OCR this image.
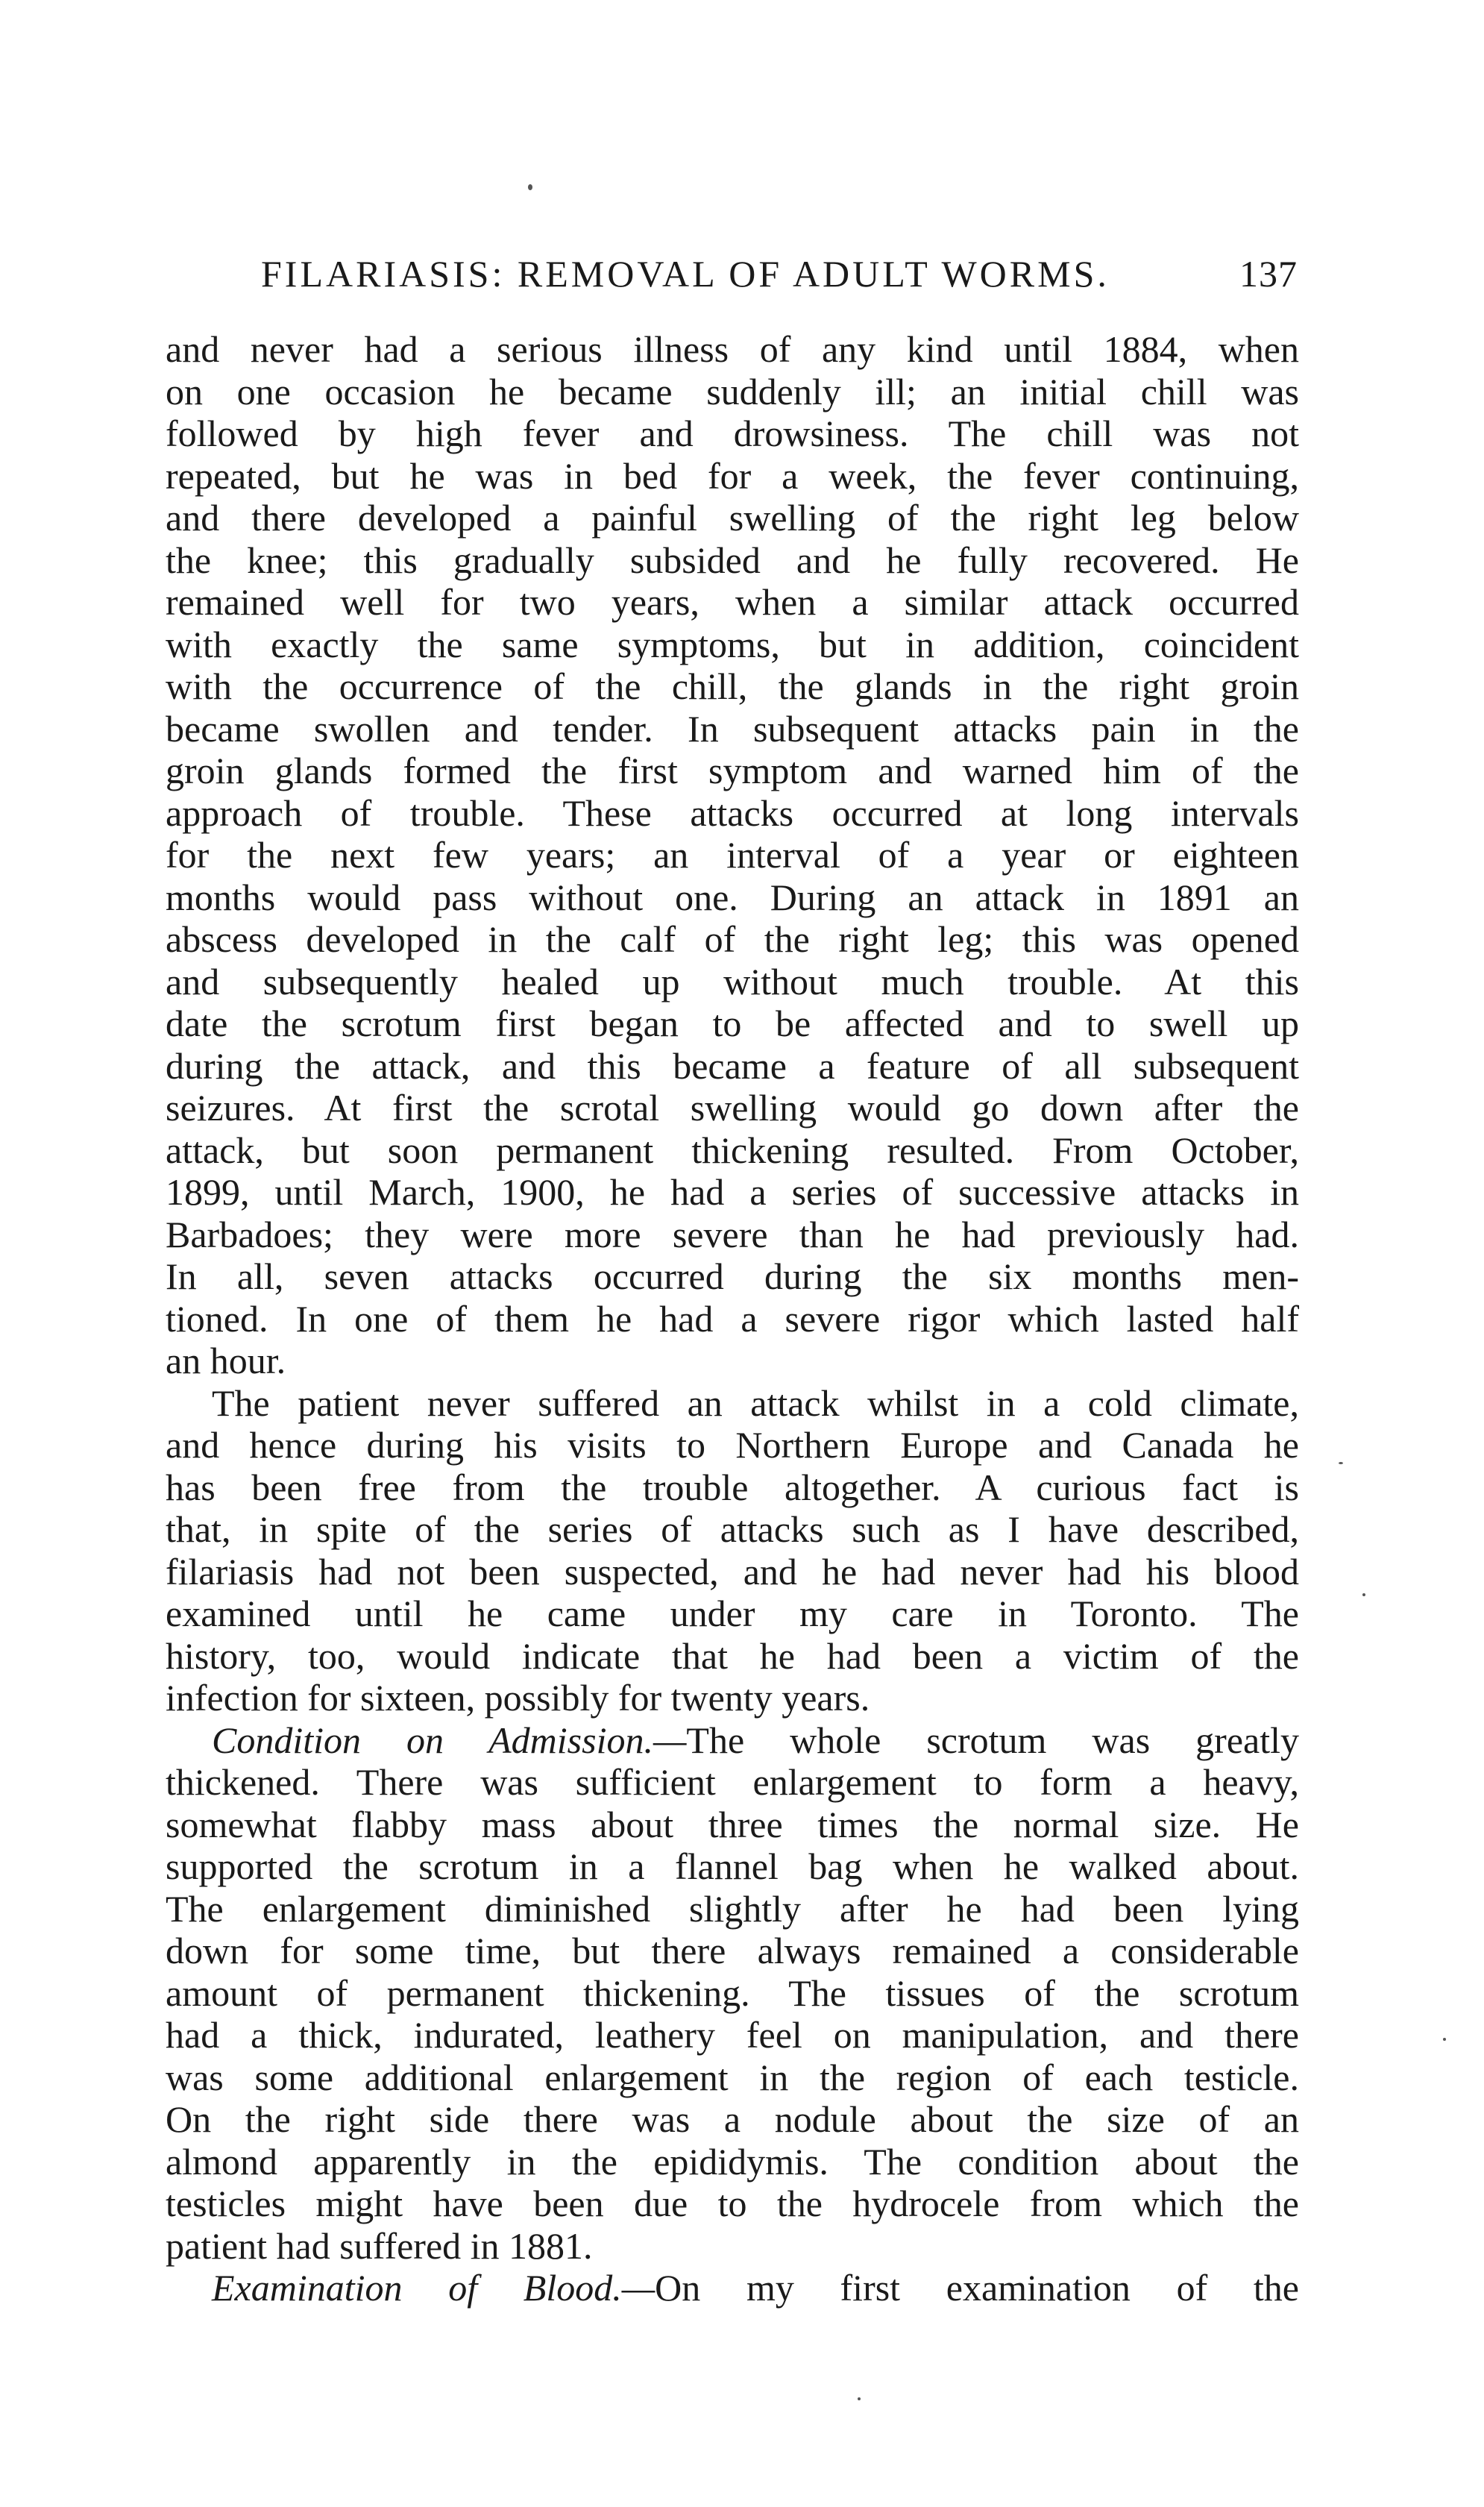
FILARIASIS: REMOVAL OF ADULT WORMS.	137
and never had a serious illness of any kind until 1884, when
on one occasion he became suddenly ill; an initial chill was
followed by high fever and drowsiness. The chill was not
repeated, but he was in bed for a week, the fever continuing,
and there developed a painful swelling of the right leg below
the knee; this gradually subsided and he fully recovered. He
remained well for two years, when a similar attack occurred
with exactly the same symptoms, but in addition, coincident
with the occurrence of the chill, the glands in the right groin
became swollen and tender. In subsequent attacks pain in the
groin glands formed the first symptom and warned him of the
approach of trouble. These attacks occurred at long intervals
for the next few years; an interval of a year or eighteen
months would pass without one. During an attack in 1891 an
abscess developed in the calf of the right leg; this was opened
and subsequently healed up without much trouble. At this
date the scrotum first began to be affected and to swell up
during the attack, and this became a feature of all subsequent
seizures. At first the scrotal swelling would go down after the
attack, but soon permanent thickening resulted. From October,
1899, until March, 1900, he had a series of successive attacks in
Barbadoes; they were more severe than he had previously had.
In all, seven attacks occurred during the six months men-
tioned. In one of them he had a severe rigor which lasted half
an hour.
The patient never suffered an attack whilst in a cold climate,
and hence during his visits to Northern Europe and Canada he
has been free from the trouble altogether. A curious fact is
that, in spite of the series of attacks such as I have described,
filariasis had not been suspected, and he had never had his blood
examined until he came under my care in Toronto. The
history, too, would indicate that he had been a victim of the
infection for sixteen, possibly for twenty years.
Condition on Admission.—The whole scrotum was greatly
thickened. There was sufficient enlargement to form a heavy,
somewhat flabby mass about three times the normal size. He
supported the scrotum in a flannel bag when he walked about.
The enlargement diminished slightly after he had been lying
down for some time, but there always remained a considerable
amount of permanent thickening. The tissues of the scrotum
had a thick, indurated, leathery feel on manipulation, and there
was some additional enlargement in the region of each testicle.
On the right side there was a nodule about the size of an
almond apparently in the epididymis. The condition about the
testicles might have been due to the hydrocele from which the
patient had suffered in 1881.
Examination of Blood.—On my first examination of the
